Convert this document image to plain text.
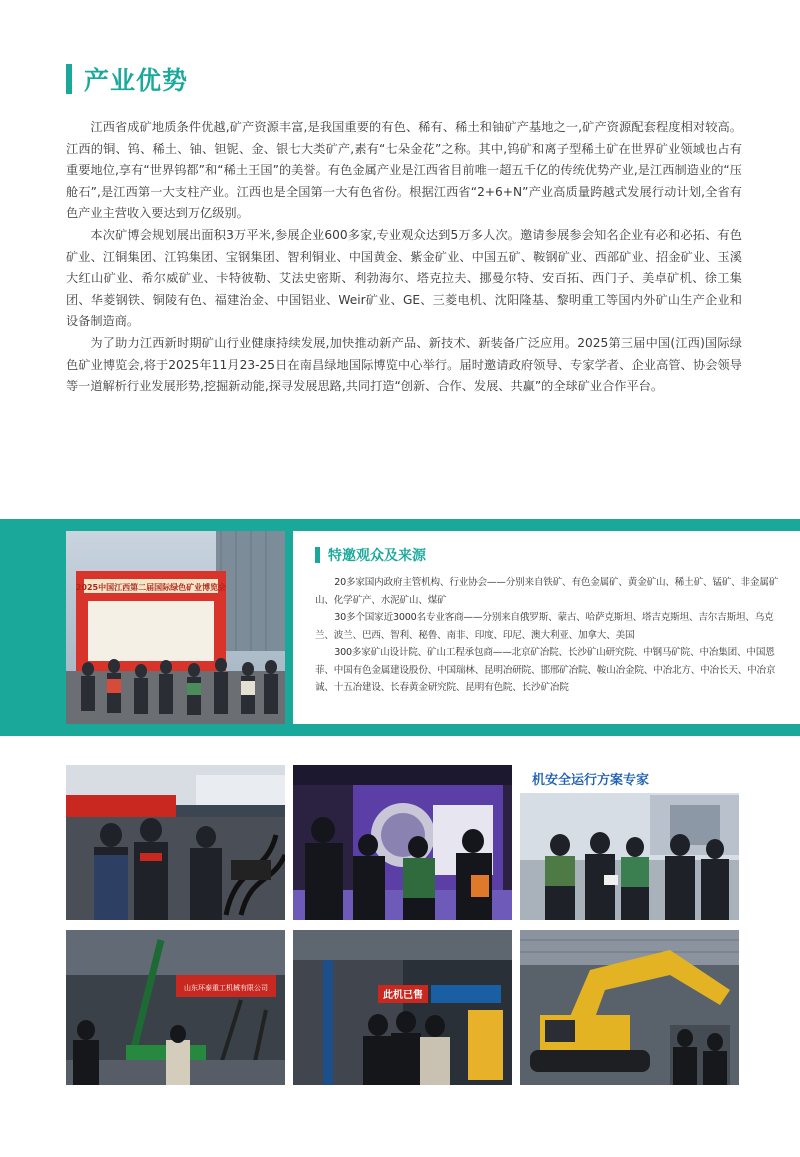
产业优势

江西省成矿地质条件优越,矿产资源丰富,是我国重要的有色、稀有、稀土和铀矿产基地之一,矿产资源配套程度相对较高。江西的铜、钨、稀土、铀、钽铌、金、银七大类矿产,素有“七朵金花”之称。其中,钨矿和离子型稀土矿在世界矿业领域也占有重要地位,享有“世界钨都”和“稀土王国”的美誉。有色金属产业是江西省目前唯一超五千亿的传统优势产业,是江西制造业的“压舱石”,是江西第一大支柱产业。江西也是全国第一大有色省份。根据江西省“2+6+N”产业高质量跨越式发展行动计划,全省有色产业主营收入要达到万亿级别。

本次矿博会规划展出面积3万平米,参展企业600多家,专业观众达到5万多人次。邀请参展参会知名企业有必和必拓、有色矿业、江铜集团、江钨集团、宝钢集团、智利铜业、中国黄金、紫金矿业、中国五矿、鞍钢矿业、西部矿业、招金矿业、玉溪大红山矿业、希尔威矿业、卡特彼勒、艾法史密斯、利勃海尔、塔克拉夫、挪曼尔特、安百拓、西门子、美卓矿机、徐工集团、华菱钢铁、铜陵有色、福建治金、中国铝业、Weir矿业、GE、三菱电机、沈阳隆基、黎明重工等国内外矿山生产企业和设备制造商。

为了助力江西新时期矿山行业健康持续发展,加快推动新产品、新技术、新装备广泛应用。2025第三届中国(江西)国际绿色矿业博览会,将于2025年11月23-25日在南昌绿地国际博览中心举行。届时邀请政府领导、专家学者、企业高管、协会领导等一道解析行业发展形势,挖掘新动能,探寻发展思路,共同打造“创新、合作、发展、共赢”的全球矿业合作平台。

2025中国江西第二届国际绿色矿业博览会
特邀观众及来源

20多家国内政府主管机构、行业协会——分别来自铁矿、有色金属矿、黄金矿山、稀土矿、锰矿、非金属矿山、化学矿产、水泥矿山、煤矿

30多个国家近3000名专业客商——分别来自俄罗斯、蒙古、哈萨克斯坦、塔吉克斯坦、吉尔吉斯坦、乌克兰、波兰、巴西、智利、秘鲁、南非、印度、印尼、澳大利亚、加拿大、美国

300多家矿山设计院、矿山工程承包商——北京矿冶院、长沙矿山研究院、中钢马矿院、中冶集团、中国恩菲、中国有色金属建设股份、中国瑞林、昆明冶研院、邯邢矿冶院、鞍山冶金院、中冶北方、中冶长天、中冶京诚、十五冶建设、长春黄金研究院、昆明有色院、长沙矿冶院

机安全运行方案专家
山东环泰重工机械有限公司
此机已售
